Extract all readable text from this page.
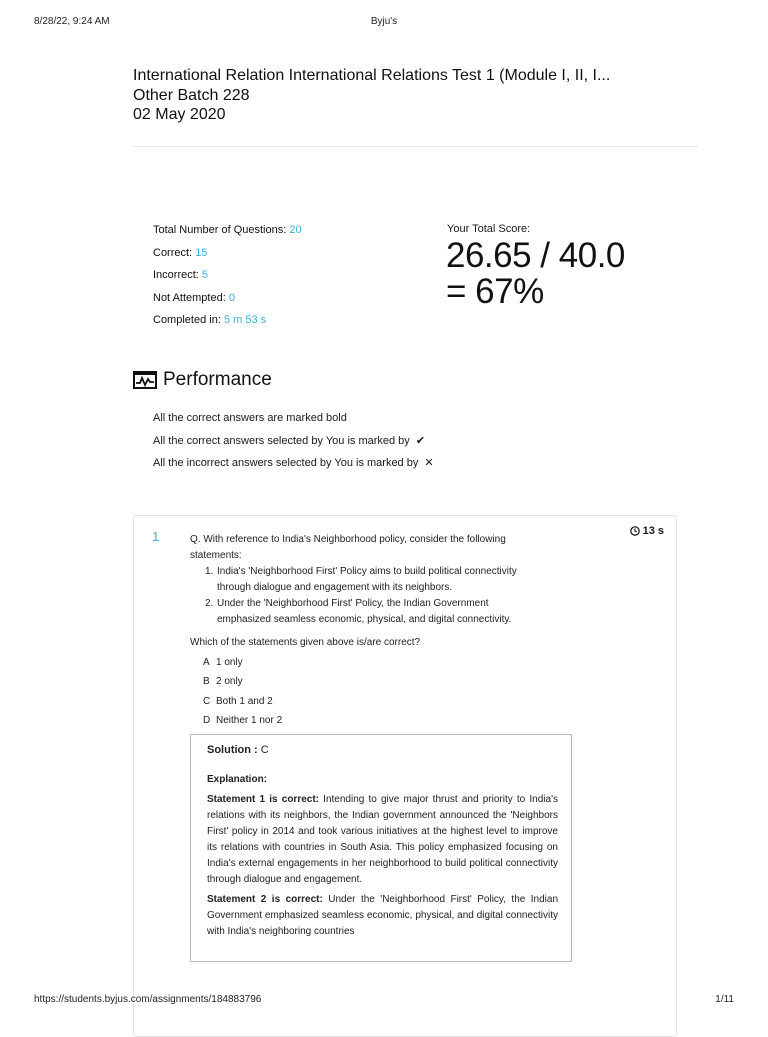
8/28/22, 9:24 AM	Byju's
International Relation International Relations Test 1 (Module I, II, I...
Other Batch 228
02 May 2020
Total Number of Questions: 20
Correct: 15
Incorrect: 5
Not Attempted: 0
Completed in: 5 m 53 s
Your Total Score:
26.65 / 40.0
= 67%
Performance
All the correct answers are marked bold
All the correct answers selected by You is marked by ✔
All the incorrect answers selected by You is marked by ✕
1	13 s
Q. With reference to India's Neighborhood policy, consider the following
statements:
1. India's 'Neighborhood First' Policy aims to build political connectivity
through dialogue and engagement with its neighbors.
2. Under the 'Neighborhood First' Policy, the Indian Government
emphasized seamless economic, physical, and digital connectivity.
Which of the statements given above is/are correct?
A 1 only
B 2 only
C Both 1 and 2
D Neither 1 nor 2
Solution : C
Explanation:
Statement 1 is correct: Intending to give major thrust and priority to India's relations with its neighbors, the Indian government announced the 'Neighbors First' policy in 2014 and took various initiatives at the highest level to improve its relations with countries in South Asia. This policy emphasized focusing on India's external engagements in her neighborhood to build political connectivity through dialogue and engagement.
Statement 2 is correct: Under the 'Neighborhood First' Policy, the Indian Government emphasized seamless economic, physical, and digital connectivity with India's neighboring countries
https://students.byjus.com/assignments/184883796	1/11
